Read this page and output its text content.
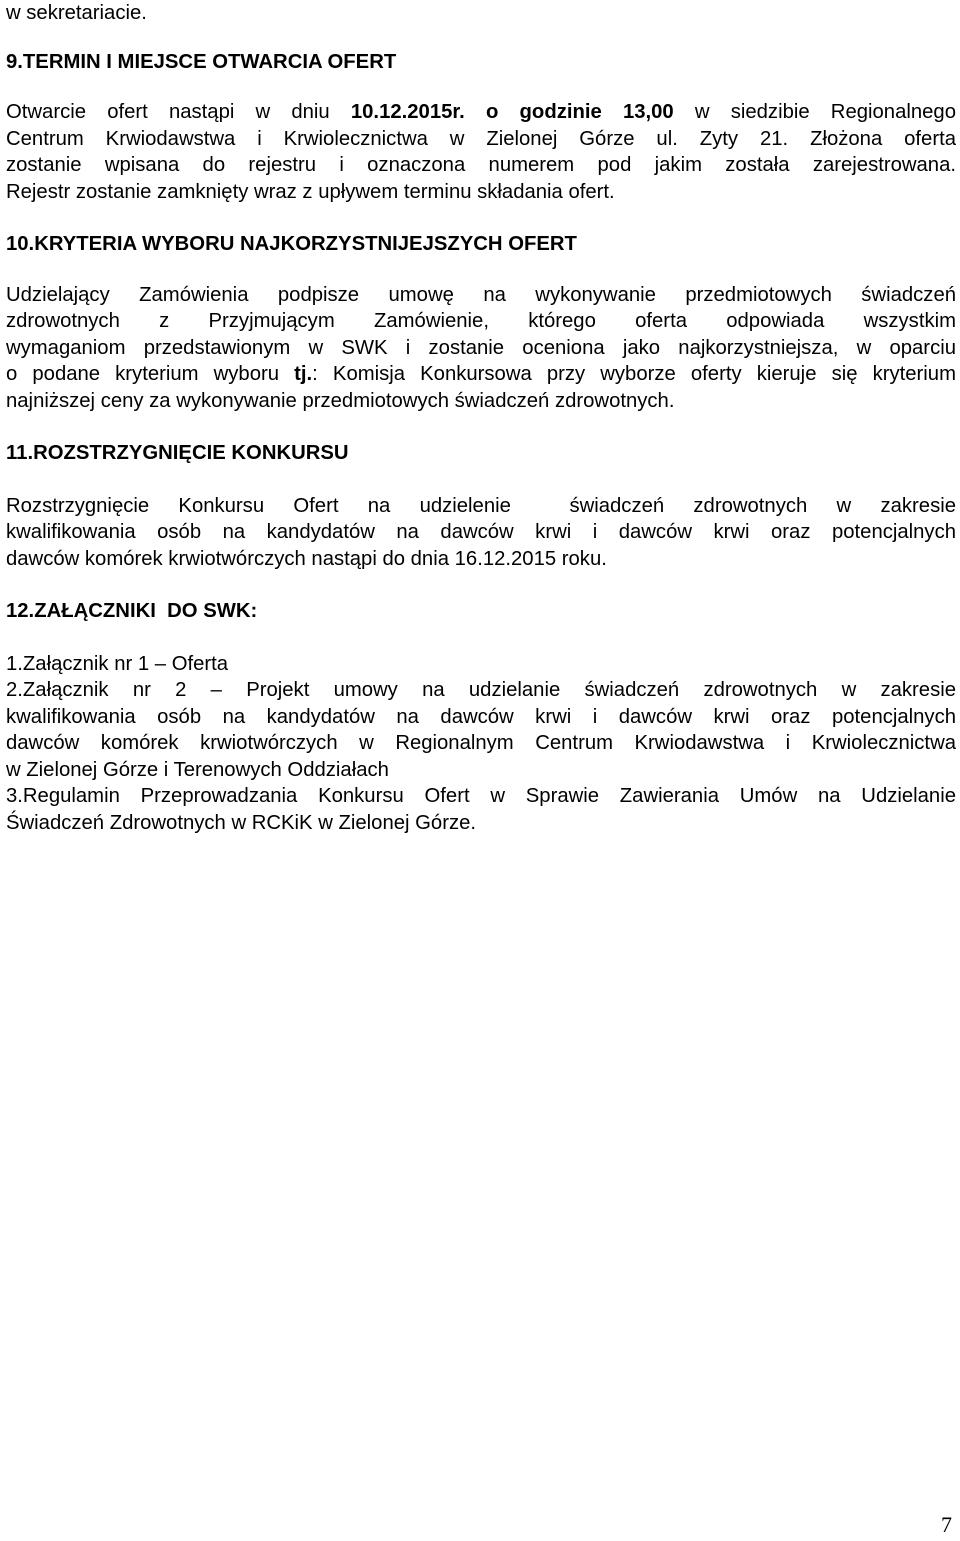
w sekretariacie.
9.TERMIN I MIEJSCE OTWARCIA OFERT
Otwarcie ofert nastąpi w dniu 10.12.2015r. o godzinie 13,00 w siedzibie Regionalnego
Centrum Krwiodawstwa i Krwiolecznictwa w Zielonej Górze ul. Zyty 21. Złożona oferta
zostanie wpisana do rejestru i oznaczona numerem pod jakim została zarejestrowana.
Rejestr zostanie zamknięty wraz z upływem terminu składania ofert.
10.KRYTERIA WYBORU NAJKORZYSTNIJEJSZYCH OFERT
Udzielający Zamówienia podpisze umowę na wykonywanie przedmiotowych świadczeń
zdrowotnych z Przyjmującym Zamówienie, którego oferta odpowiada wszystkim
wymaganiom przedstawionym w SWK i zostanie oceniona jako najkorzystniejsza, w oparciu
o podane kryterium wyboru tj.: Komisja Konkursowa przy wyborze oferty kieruje się kryterium
najniższej ceny za wykonywanie przedmiotowych świadczeń zdrowotnych.
11.ROZSTRZYGNIĘCIE KONKURSU
Rozstrzygnięcie Konkursu Ofert na udzielenie  świadczeń zdrowotnych w zakresie
kwalifikowania osób na kandydatów na dawców krwi i dawców krwi oraz potencjalnych
dawców komórek krwiotwórczych nastąpi do dnia 16.12.2015 roku.
12.ZAŁĄCZNIKI  DO SWK:
1.Załącznik nr 1 – Oferta
2.Załącznik nr 2 – Projekt umowy na udzielanie świadczeń zdrowotnych w zakresie
kwalifikowania osób na kandydatów na dawców krwi i dawców krwi oraz potencjalnych
dawców komórek krwiotwórczych w Regionalnym Centrum Krwiodawstwa i Krwiolecznictwa
w Zielonej Górze i Terenowych Oddziałach
3.Regulamin Przeprowadzania Konkursu Ofert w Sprawie Zawierania Umów na Udzielanie
Świadczeń Zdrowotnych w RCKiK w Zielonej Górze.
7
